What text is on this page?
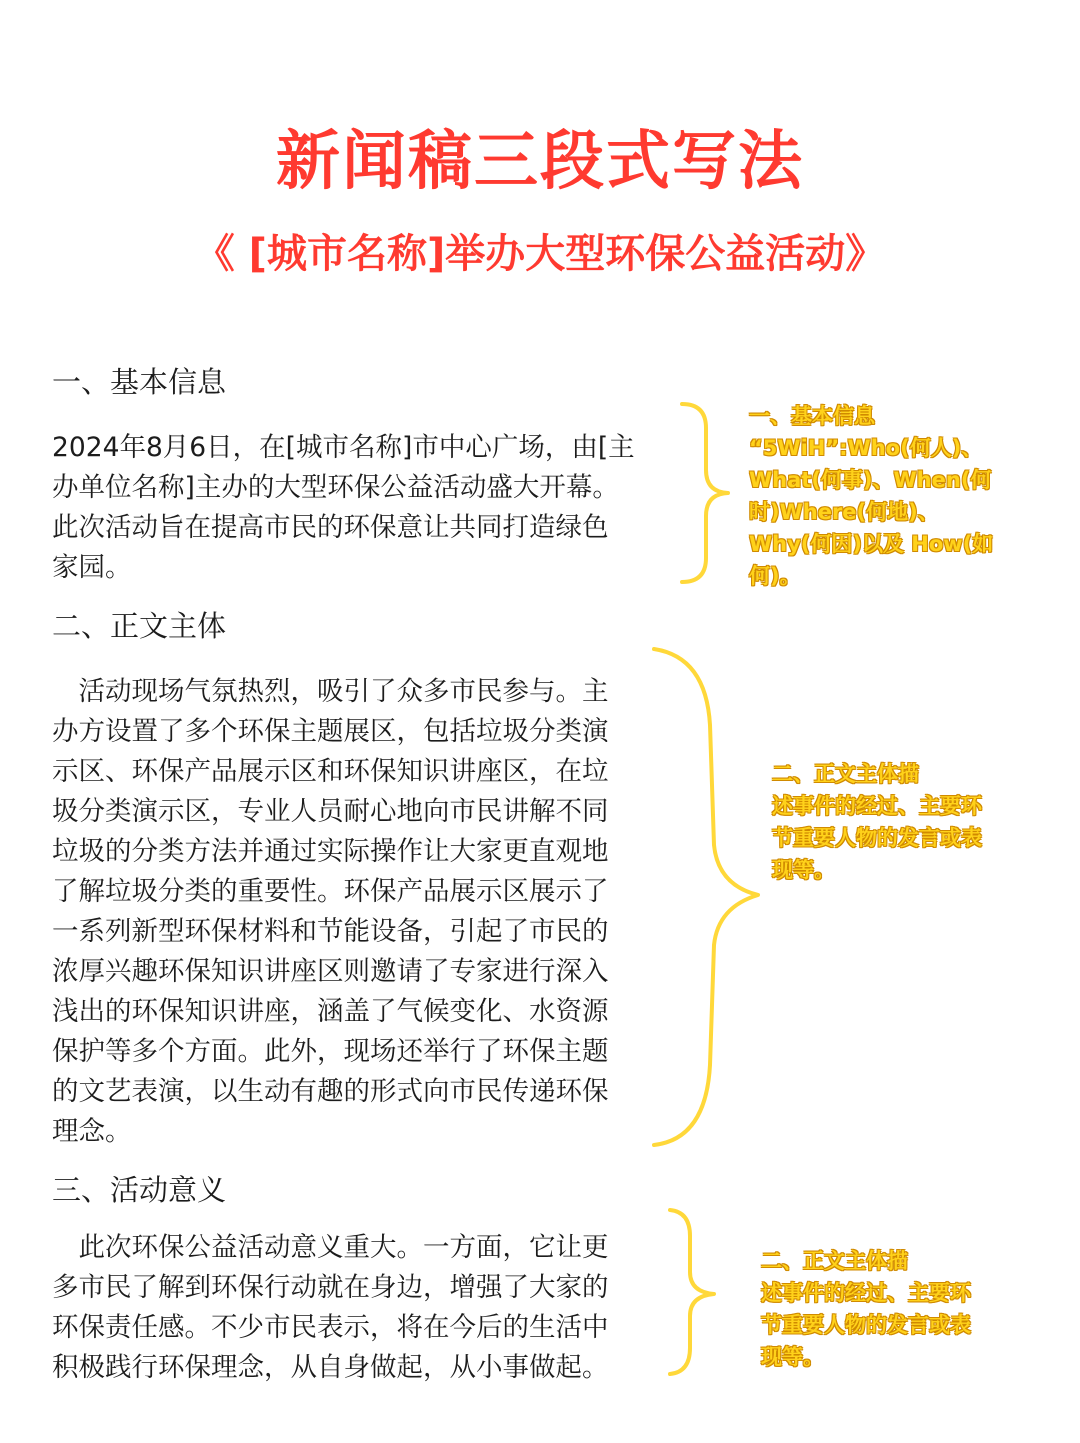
新闻稿三段式写法
《 [城市名称]举办大型环保公益活动》
一、基本信息
2024年8月6日，在[城市名称]市中心广场，由[主
办单位名称]主办的大型环保公益活动盛大开幕。
此次活动旨在提高市民的环保意让共同打造绿色
家园。
一、基本信息
“5WiH”:Who(何人)、
What(何事)、When(何
时)Where(何地)、
Why(何因)以及 How(如
何)。
二、正文主体
　活动现场气氛热烈，吸引了众多市民参与。主
办方设置了多个环保主题展区，包括垃圾分类演
示区、环保产品展示区和环保知识讲座区，在垃
圾分类演示区，专业人员耐心地向市民讲解不同
垃圾的分类方法并通过实际操作让大家更直观地
了解垃圾分类的重要性。环保产品展示区展示了
一系列新型环保材料和节能设备，引起了市民的
浓厚兴趣环保知识讲座区则邀请了专家进行深入
浅出的环保知识讲座，涵盖了气候变化、水资源
保护等多个方面。此外，现场还举行了环保主题
的文艺表演，以生动有趣的形式向市民传递环保
理念。
二、正文主体描
述事件的经过、主要环
节重要人物的发言或表
现等。
三、活动意义
　此次环保公益活动意义重大。一方面，它让更
多市民了解到环保行动就在身边，增强了大家的
环保责任感。不少市民表示，将在今后的生活中
积极践行环保理念，从自身做起，从小事做起。
二、正文主体描
述事件的经过、主要环
节重要人物的发言或表
现等。
